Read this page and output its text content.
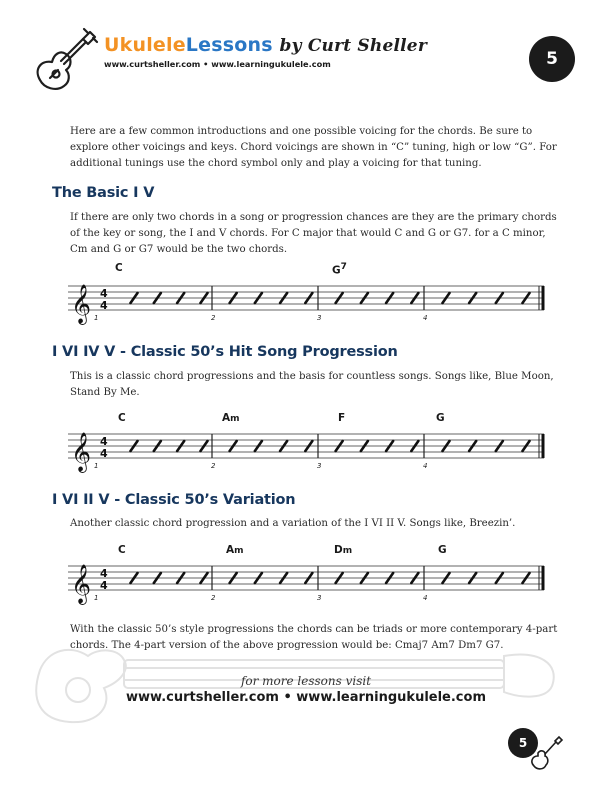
𝄞 4
4
1	2	3	4
𝄞 4
4
1	2	3	4
𝄞 4
4
1	2	3	4
UkuleleLessons by Curt Sheller
www.curtsheller.com • www.learningukulele.com	5
Here are a few common introductions and one possible voicing for the chords. Be sure to explore other voicings and keys. Chord voicings are shown in “C” tuning, high or low “G”. For additional tunings use the chord symbol only and play a voicing for that tuning.
The Basic I V
If there are only two chords in a song or progression chances are they are the primary chords of the key or song, the I and V chords. For C major that would C and G or G7. for a C minor, Cm and G or G7 would be the two chords.
I VI IV V - Classic 50’s Hit Song Progression
This is a classic chord progressions and the basis for countless songs. Songs like, Blue Moon, Stand By Me.
I VI II V - Classic 50’s Variation
Another classic chord progression and a variation of the I VI II V. Songs like, Breezin’.
C	$G^7$
C	Am	F	G
C	Am	Dm	G
With the classic 50’s style progressions the chords can be triads or more contemporary 4-part chords. The 4-part version of the above progression would be: Cmaj7 Am7 Dm7 G7.
for more lessons visit
www.curtsheller.com • www.learningukulele.com
5
